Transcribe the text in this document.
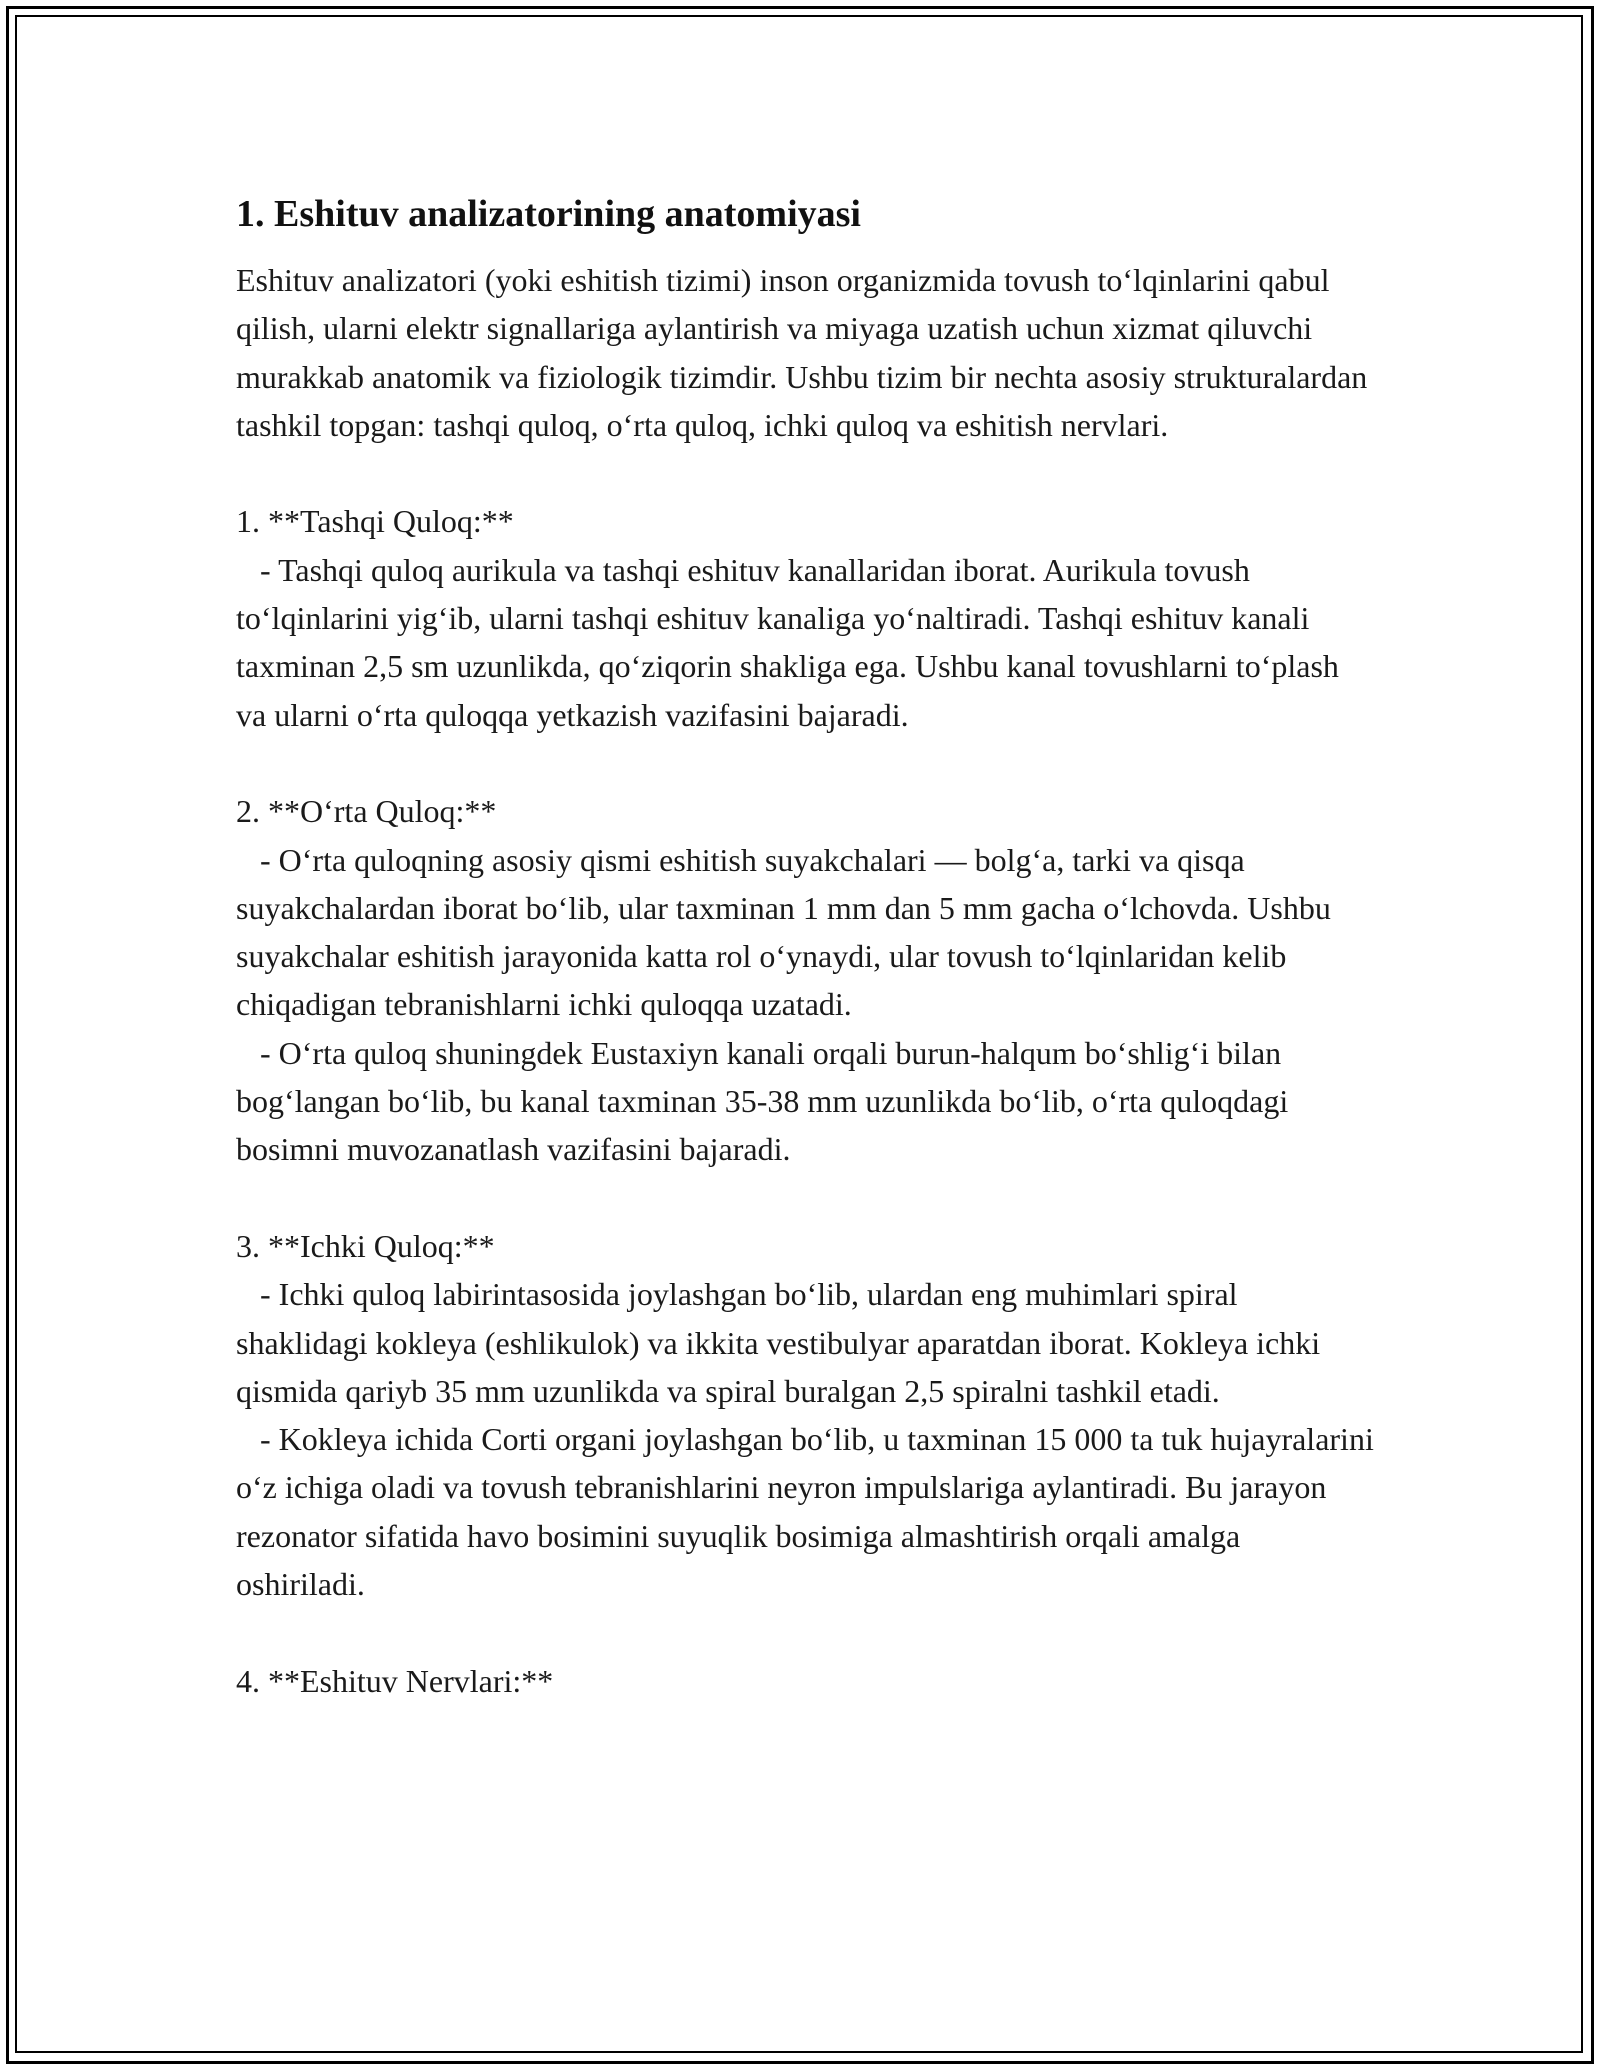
1. Eshituv analizatorining anatomiyasi

Eshituv analizatori (yoki eshitish tizimi) inson organizmida tovush to‘lqinlarini qabul qilish, ularni elektr signallariga aylantirish va miyaga uzatish uchun xizmat qiluvchi murakkab anatomik va fiziologik tizimdir. Ushbu tizim bir nechta asosiy strukturalardan tashkil topgan: tashqi quloq, o‘rta quloq, ichki quloq va eshitish nervlari.

1. **Tashqi Quloq:**

- Tashqi quloq aurikula va tashqi eshituv kanallaridan iborat. Aurikula tovush to‘lqinlarini yig‘ib, ularni tashqi eshituv kanaliga yo‘naltiradi. Tashqi eshituv kanali taxminan 2,5 sm uzunlikda, qo‘ziqorin shakliga ega. Ushbu kanal tovushlarni to‘plash va ularni o‘rta quloqqa yetkazish vazifasini bajaradi.

2. **O‘rta Quloq:**

- O‘rta quloqning asosiy qismi eshitish suyakchalari — bolg‘a, tarki va qisqa suyakchalardan iborat bo‘lib, ular taxminan 1 mm dan 5 mm gacha o‘lchovda. Ushbu suyakchalar eshitish jarayonida katta rol o‘ynaydi, ular tovush to‘lqinlaridan kelib chiqadigan tebranishlarni ichki quloqqa uzatadi.

- O‘rta quloq shuningdek Eustaxiyn kanali orqali burun-halqum bo‘shlig‘i bilan bog‘langan bo‘lib, bu kanal taxminan 35-38 mm uzunlikda bo‘lib, o‘rta quloqdagi bosimni muvozanatlash vazifasini bajaradi.

3. **Ichki Quloq:**

- Ichki quloq labirintasosida joylashgan bo‘lib, ulardan eng muhimlari spiral shaklidagi kokleya (eshlikulok) va ikkita vestibulyar aparatdan iborat. Kokleya ichki qismida qariyb 35 mm uzunlikda va spiral buralgan 2,5 spiralni tashkil etadi.

- Kokleya ichida Corti organi joylashgan bo‘lib, u taxminan 15 000 ta tuk hujayralarini o‘z ichiga oladi va tovush tebranishlarini neyron impulslariga aylantiradi. Bu jarayon rezonator sifatida havo bosimini suyuqlik bosimiga almashtirish orqali amalga oshiriladi.

4. **Eshituv Nervlari:**
